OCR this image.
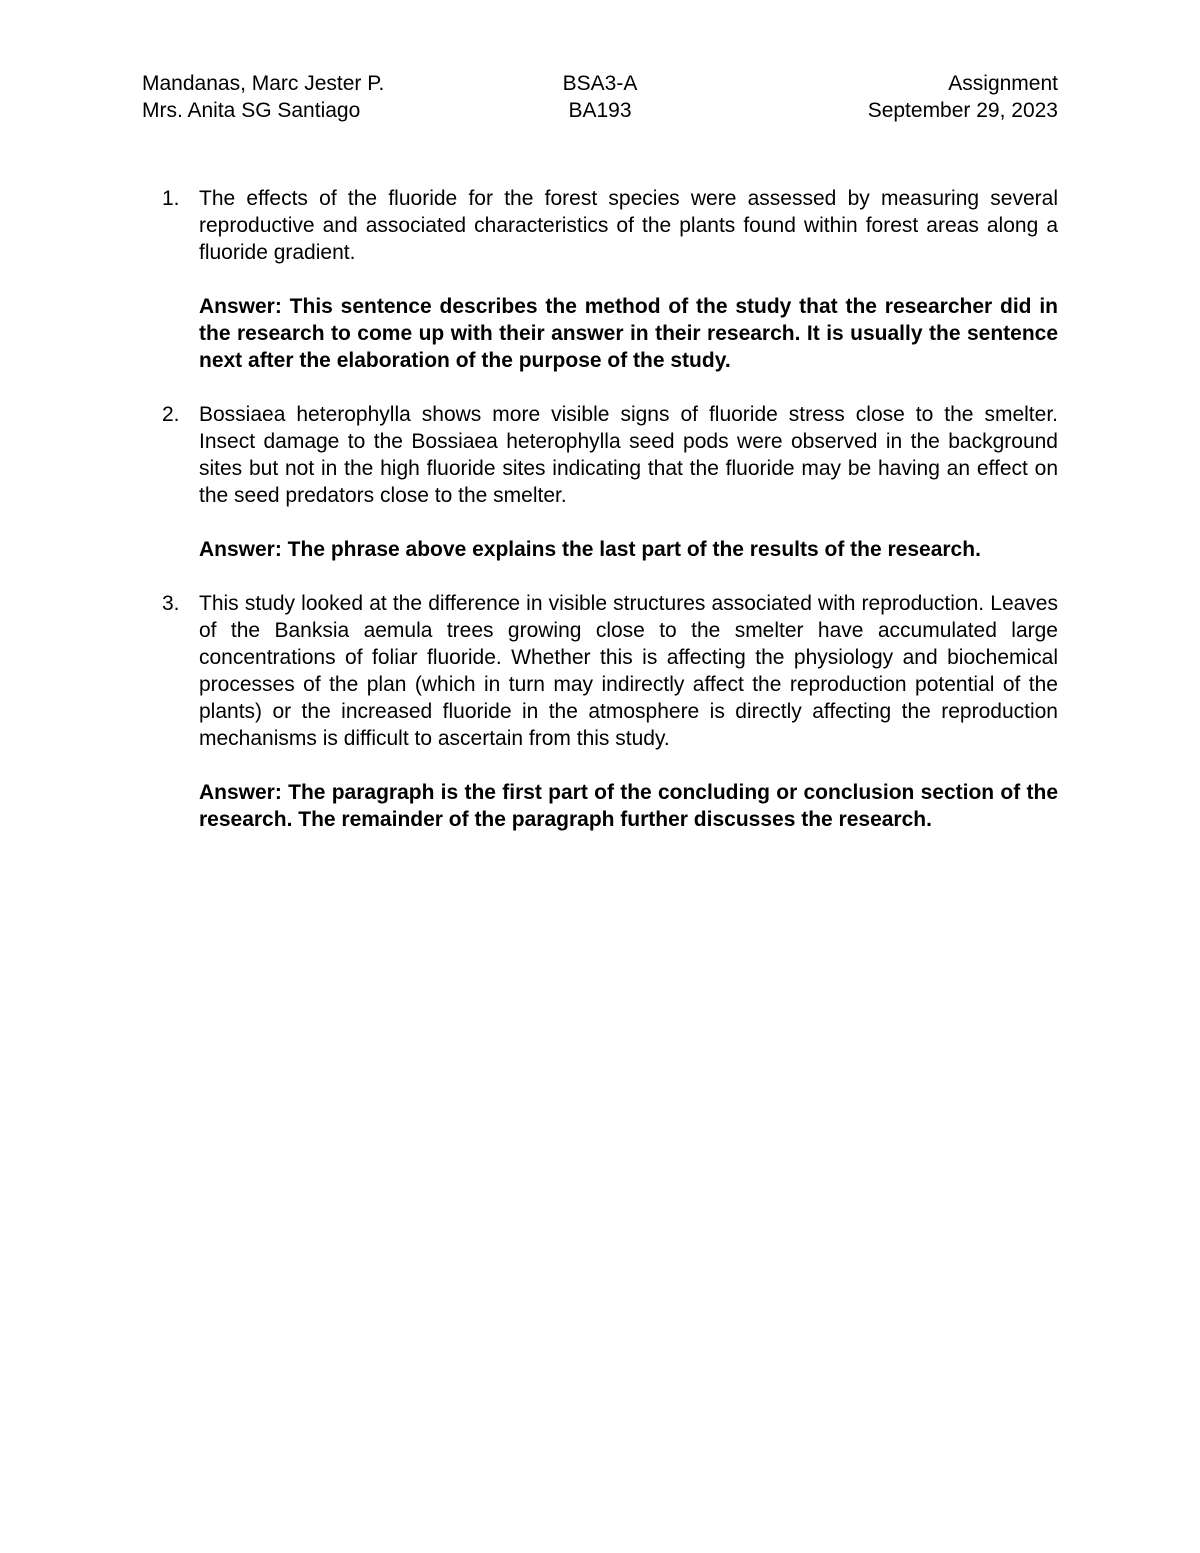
Mandanas, Marc Jester P.	BSA3-A	Assignment
Mrs. Anita SG Santiago	BA193	September 29, 2023
1. The effects of the fluoride for the forest species were assessed by measuring several reproductive and associated characteristics of the plants found within forest areas along a fluoride gradient.

Answer: This sentence describes the method of the study that the researcher did in the research to come up with their answer in their research. It is usually the sentence next after the elaboration of the purpose of the study.

2. Bossiaea heterophylla shows more visible signs of fluoride stress close to the smelter. Insect damage to the Bossiaea heterophylla seed pods were observed in the background sites but not in the high fluoride sites indicating that the fluoride may be having an effect on the seed predators close to the smelter.

Answer: The phrase above explains the last part of the results of the research.

3. This study looked at the difference in visible structures associated with reproduction. Leaves of the Banksia aemula trees growing close to the smelter have accumulated large concentrations of foliar fluoride. Whether this is affecting the physiology and biochemical processes of the plan (which in turn may indirectly affect the reproduction potential of the plants) or the increased fluoride in the atmosphere is directly affecting the reproduction mechanisms is difficult to ascertain from this study.

Answer: The paragraph is the first part of the concluding or conclusion section of the research. The remainder of the paragraph further discusses the research.
